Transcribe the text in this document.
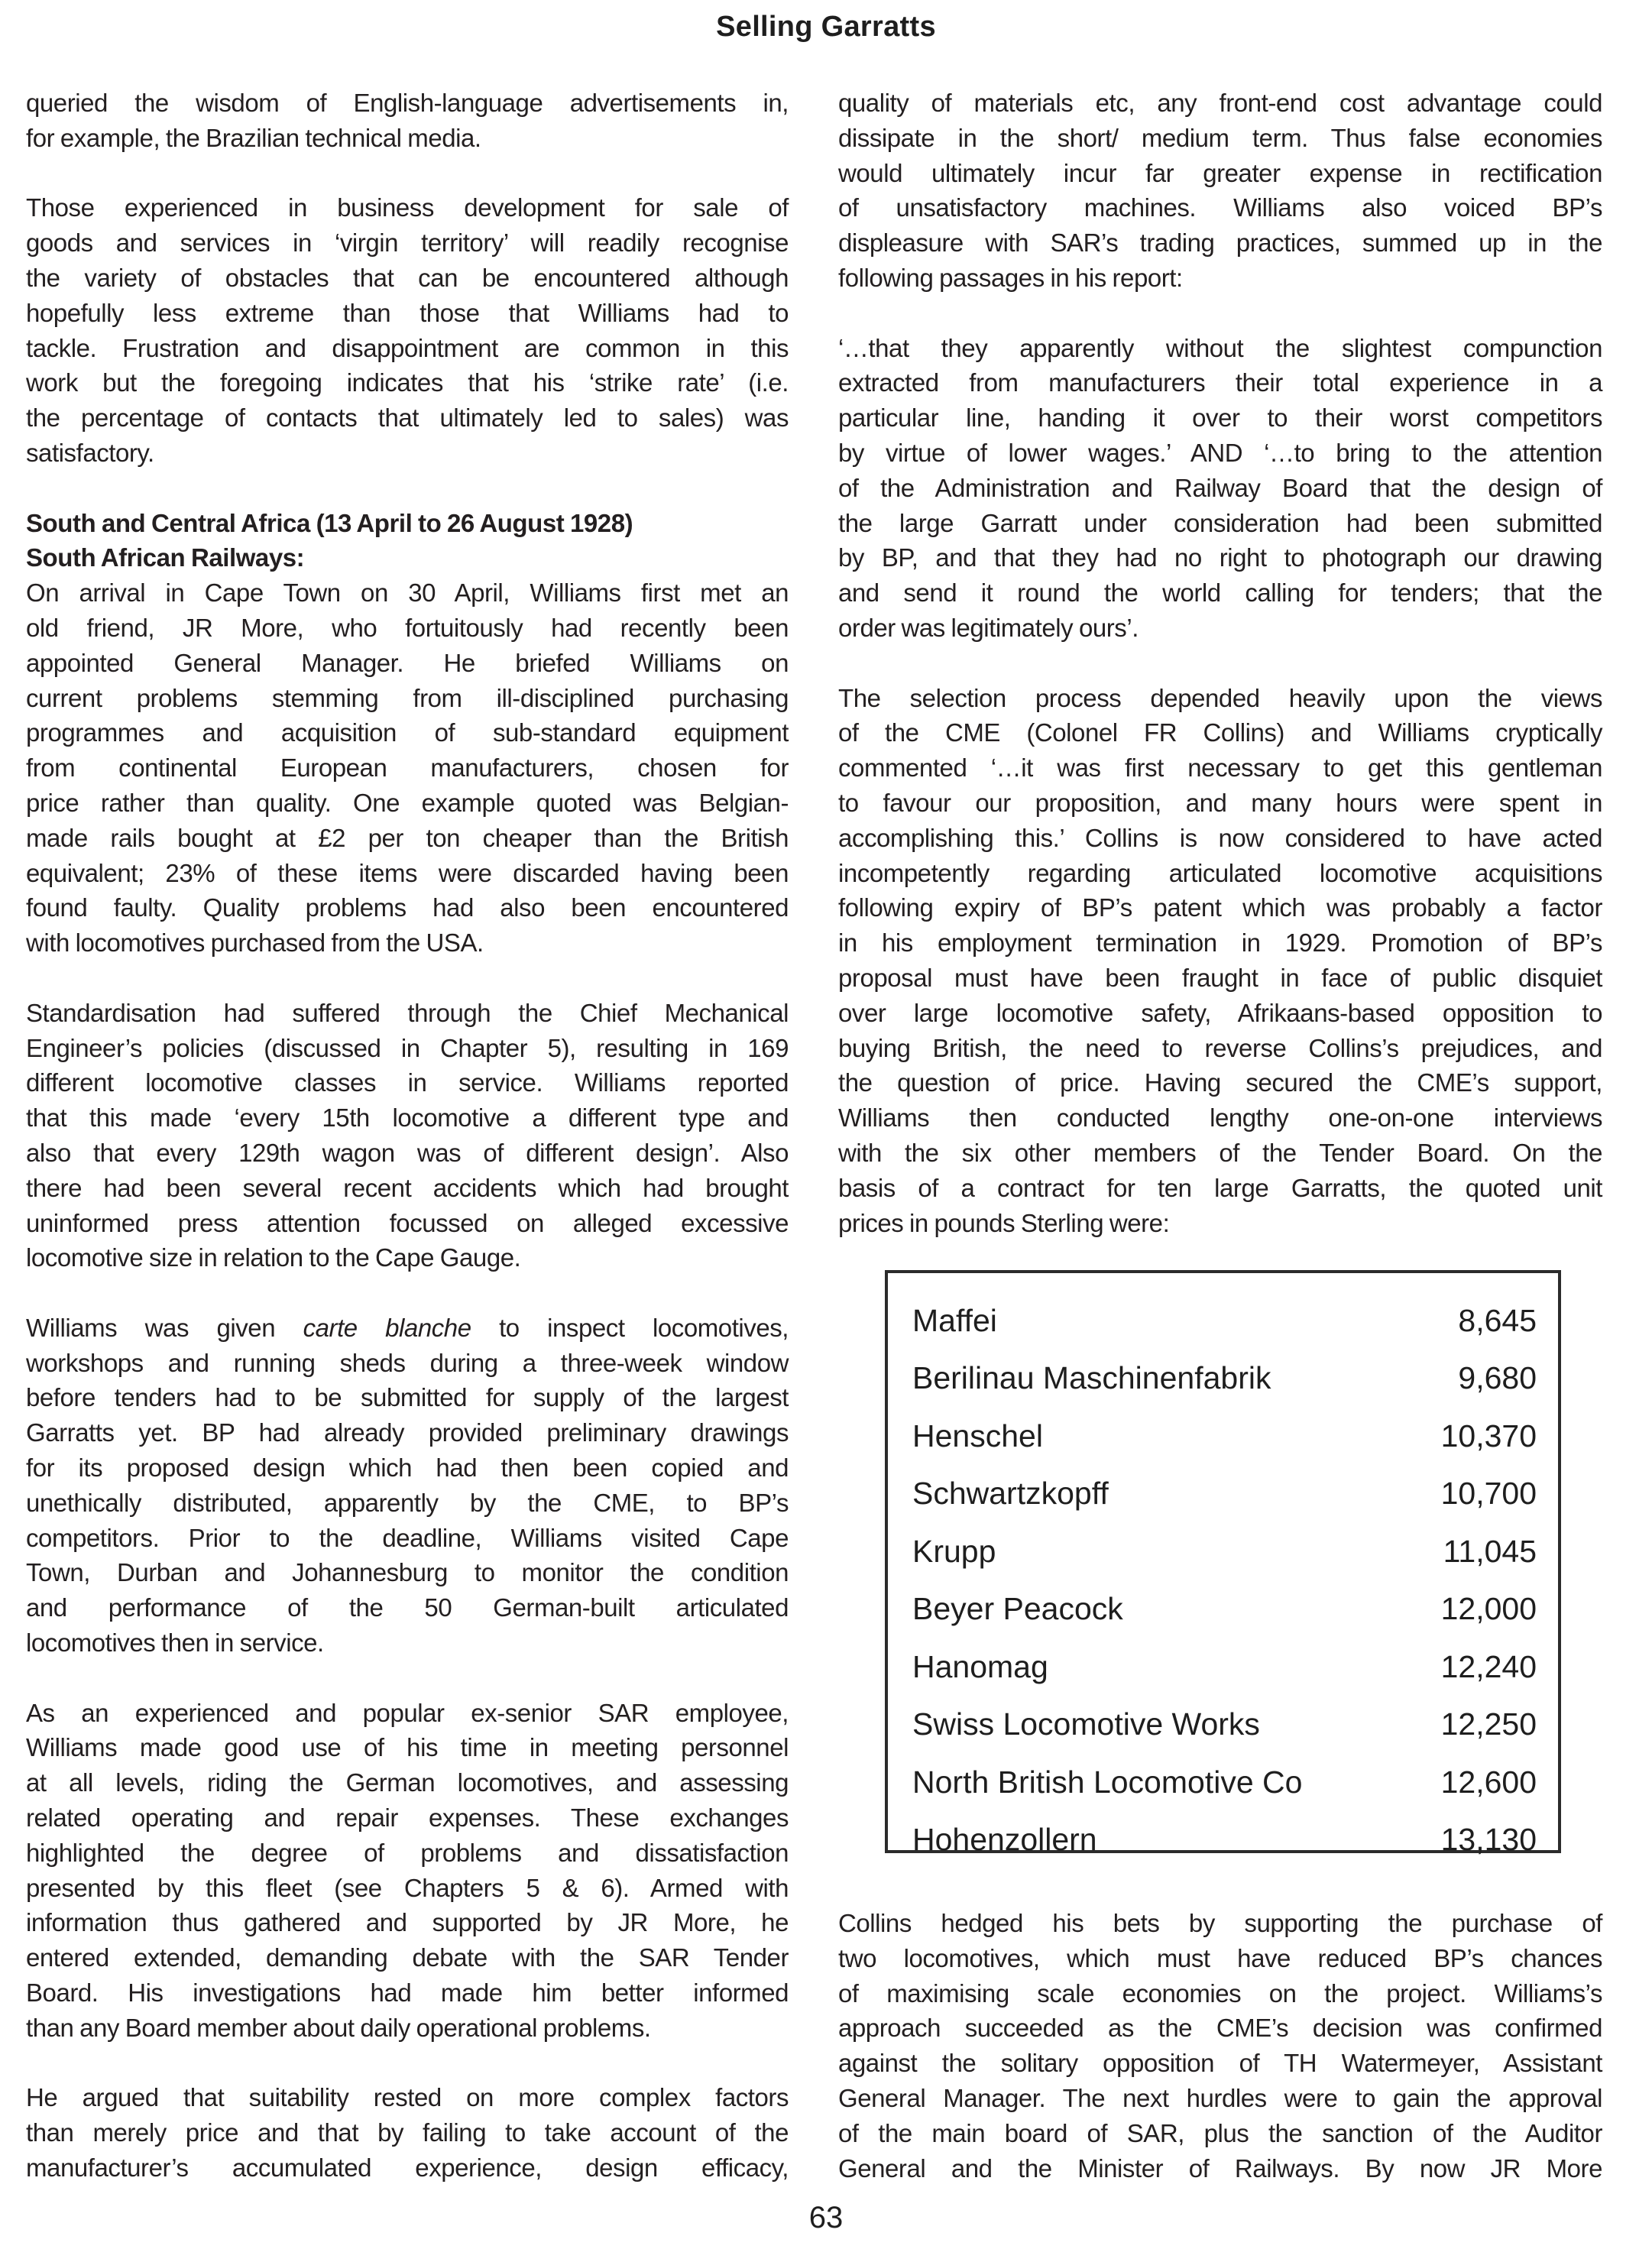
Selling Garratts
queried the wisdom of English-language advertisements in,
for example, the Brazilian technical media.
Those experienced in business development for sale of
goods and services in ‘virgin territory’ will readily recognise
the variety of obstacles that can be encountered although
hopefully less extreme than those that Williams had to
tackle. Frustration and disappointment are common in this
work but the foregoing indicates that his ‘strike rate’ (i.e.
the percentage of contacts that ultimately led to sales) was
satisfactory.
South and Central Africa (13 April to 26 August 1928)
South African Railways:
On arrival in Cape Town on 30 April, Williams first met an
old friend, JR More, who fortuitously had recently been
appointed General Manager. He briefed Williams on
current problems stemming from ill-disciplined purchasing
programmes and acquisition of sub-standard equipment
from continental European manufacturers, chosen for
price rather than quality. One example quoted was Belgian-
made rails bought at £2 per ton cheaper than the British
equivalent; 23% of these items were discarded having been
found faulty. Quality problems had also been encountered
with locomotives purchased from the USA.
Standardisation had suffered through the Chief Mechanical
Engineer’s policies (discussed in Chapter 5), resulting in 169
different locomotive classes in service. Williams reported
that this made ‘every 15th locomotive a different type and
also that every 129th wagon was of different design’. Also
there had been several recent accidents which had brought
uninformed press attention focussed on alleged excessive
locomotive size in relation to the Cape Gauge.
Williams was given carte blanche to inspect locomotives,
workshops and running sheds during a three-week window
before tenders had to be submitted for supply of the largest
Garratts yet. BP had already provided preliminary drawings
for its proposed design which had then been copied and
unethically distributed, apparently by the CME, to BP’s
competitors. Prior to the deadline, Williams visited Cape
Town, Durban and Johannesburg to monitor the condition
and performance of the 50 German-built articulated
locomotives then in service.
As an experienced and popular ex-senior SAR employee,
Williams made good use of his time in meeting personnel
at all levels, riding the German locomotives, and assessing
related operating and repair expenses. These exchanges
highlighted the degree of problems and dissatisfaction
presented by this fleet (see Chapters 5 & 6). Armed with
information thus gathered and supported by JR More, he
entered extended, demanding debate with the SAR Tender
Board. His investigations had made him better informed
than any Board member about daily operational problems.
He argued that suitability rested on more complex factors
than merely price and that by failing to take account of the
manufacturer’s accumulated experience, design efficacy,
quality of materials etc, any front-end cost advantage could
dissipate in the short/ medium term. Thus false economies
would ultimately incur far greater expense in rectification
of unsatisfactory machines. Williams also voiced BP’s
displeasure with SAR’s trading practices, summed up in the
following passages in his report:
‘…that they apparently without the slightest compunction
extracted from manufacturers their total experience in a
particular line, handing it over to their worst competitors
by virtue of lower wages.’ AND ‘…to bring to the attention
of the Administration and Railway Board that the design of
the large Garratt under consideration had been submitted
by BP, and that they had no right to photograph our drawing
and send it round the world calling for tenders; that the
order was legitimately ours’.
The selection process depended heavily upon the views
of the CME (Colonel FR Collins) and Williams cryptically
commented ‘…it was first necessary to get this gentleman
to favour our proposition, and many hours were spent in
accomplishing this.’ Collins is now considered to have acted
incompetently regarding articulated locomotive acquisitions
following expiry of BP’s patent which was probably a factor
in his employment termination in 1929. Promotion of BP’s
proposal must have been fraught in face of public disquiet
over large locomotive safety, Afrikaans-based opposition to
buying British, the need to reverse Collins’s prejudices, and
the question of price. Having secured the CME’s support,
Williams then conducted lengthy one-on-one interviews
with the six other members of the Tender Board. On the
basis of a contract for ten large Garratts, the quoted unit
prices in pounds Sterling were:
Maffei	8,645
Berilinau Maschinenfabrik	9,680
Henschel	10,370
Schwartzkopff	10,700
Krupp	11,045
Beyer Peacock	12,000
Hanomag	12,240
Swiss Locomotive Works	12,250
North British Locomotive Co	12,600
Hohenzollern	13,130
Collins hedged his bets by supporting the purchase of
two locomotives, which must have reduced BP’s chances
of maximising scale economies on the project. Williams’s
approach succeeded as the CME’s decision was confirmed
against the solitary opposition of TH Watermeyer, Assistant
General Manager. The next hurdles were to gain the approval
of the main board of SAR, plus the sanction of the Auditor
General and the Minister of Railways. By now JR More
63
